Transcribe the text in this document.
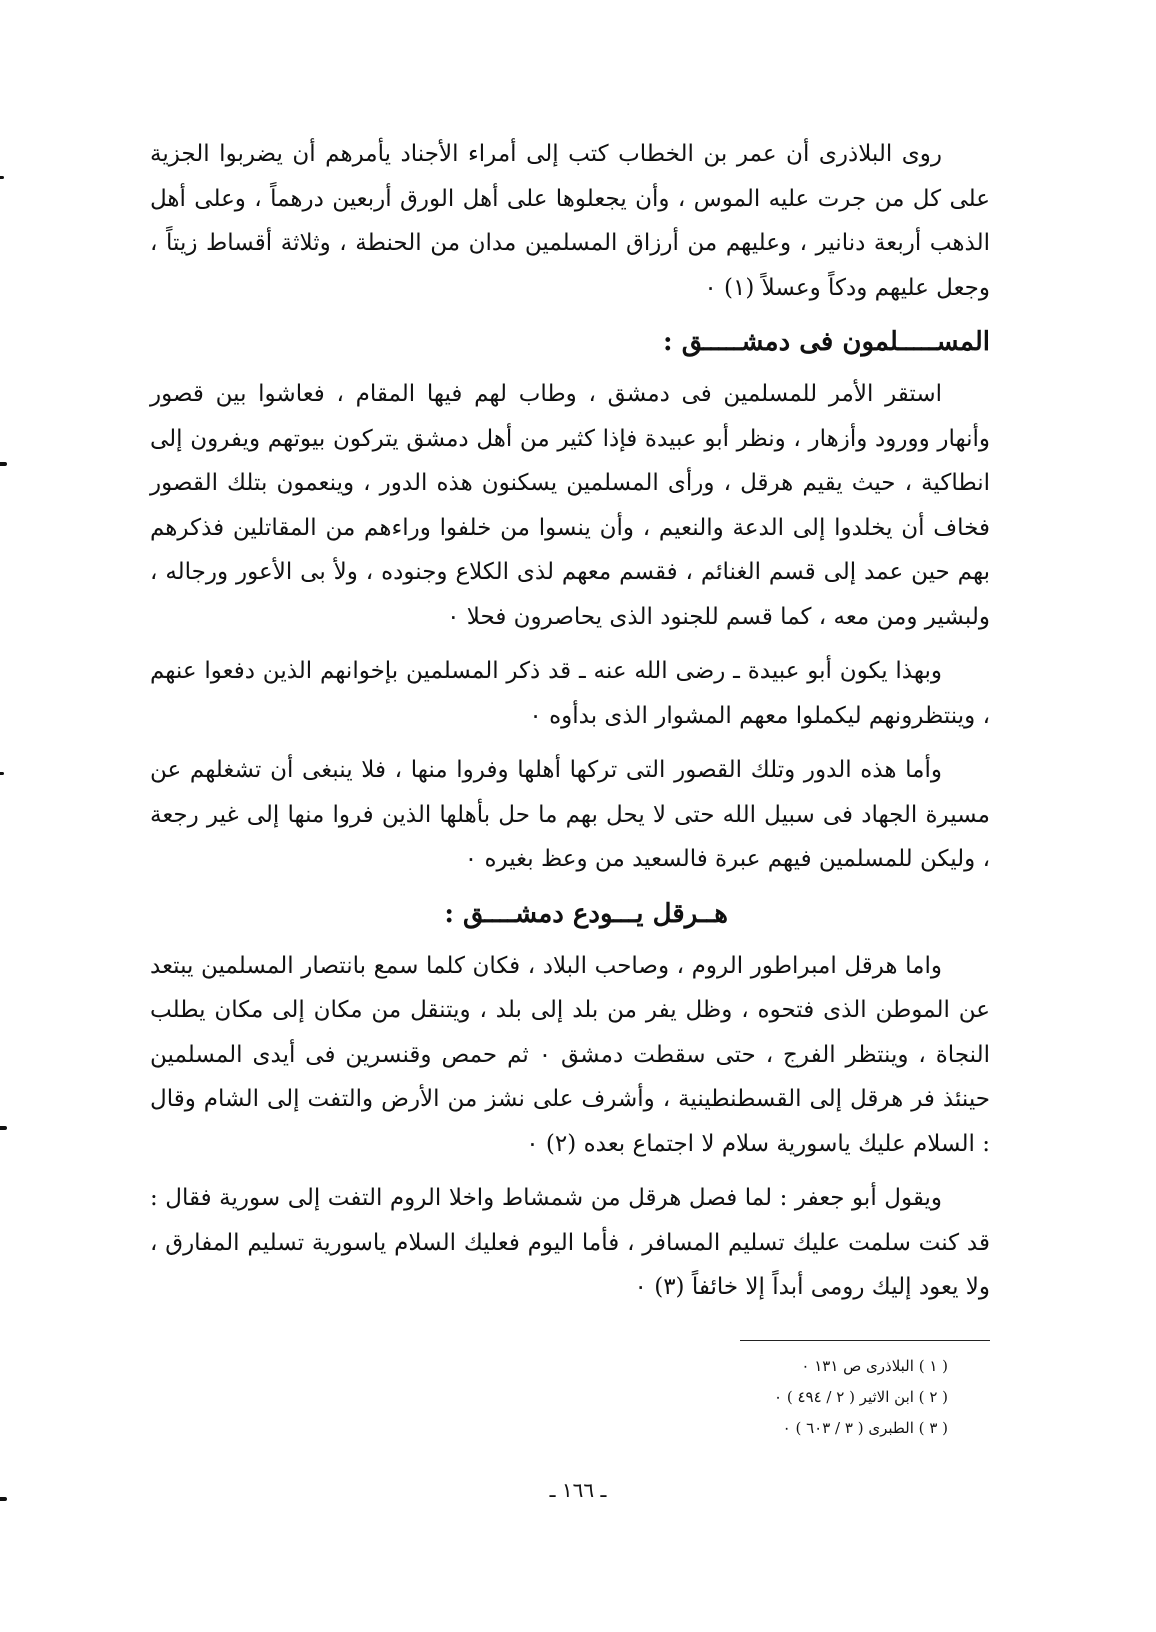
روى البلاذرى أن عمر بن الخطاب كتب إلى أمراء الأجناد يأمرهم أن يضربوا الجزية على كل من جرت عليه الموس ، وأن يجعلوها على أهل الورق أربعين درهماً ، وعلى أهل الذهب أربعة دنانير ، وعليهم من أرزاق المسلمين مدان من الحنطة ، وثلاثة أقساط زيتاً ، وجعل عليهم ودكاً وعسلاً (١) ٠

المســـــلمون فى دمشـــــق :

استقر الأمر للمسلمين فى دمشق ، وطاب لهم فيها المقام ، فعاشوا بين قصور وأنهار وورود وأزهار ، ونظر أبو عبيدة فإذا كثير من أهل دمشق يتركون بيوتهم ويفرون إلى انطاكية ، حيث يقيم هرقل ، ورأى المسلمين يسكنون هذه الدور ، وينعمون بتلك القصور فخاف أن يخلدوا إلى الدعة والنعيم ، وأن ينسوا من خلفوا وراءهم من المقاتلين فذكرهم بهم حين عمد إلى قسم الغنائم ، فقسم معهم لذى الكلاع وجنوده ، ولأ بى الأعور ورجاله ، ولبشير ومن معه ، كما قسم للجنود الذى يحاصرون فحلا ٠

وبهذا يكون أبو عبيدة ـ رضى الله عنه ـ قد ذكر المسلمين بإخوانهم الذين دفعوا عنهم ، وينتظرونهم ليكملوا معهم المشوار الذى بدأوه ٠

وأما هذه الدور وتلك القصور التى تركها أهلها وفروا منها ، فلا ينبغى أن تشغلهم عن مسيرة الجهاد فى سبيل الله حتى لا يحل بهم ما حل بأهلها الذين فروا منها إلى غير رجعة ، وليكن للمسلمين فيهم عبرة فالسعيد من وعظ بغيره ٠

هــرقل يـــودع دمشــــق :

واما هرقل امبراطور الروم ، وصاحب البلاد ، فكان كلما سمع بانتصار المسلمين يبتعد عن الموطن الذى فتحوه ، وظل يفر من بلد إلى بلد ، ويتنقل من مكان إلى مكان يطلب النجاة ، وينتظر الفرج ، حتى سقطت دمشق ٠ ثم حمص وقنسرين فى أيدى المسلمين حينئذ فر هرقل إلى القسطنطينية ، وأشرف على نشز من الأرض والتفت إلى الشام وقال : السلام عليك ياسورية سلام لا اجتماع بعده (٢) ٠

ويقول أبو جعفر : لما فصل هرقل من شمشاط واخلا الروم التفت إلى سورية فقال : قد كنت سلمت عليك تسليم المسافر ، فأما اليوم فعليك السلام ياسورية تسليم المفارق ، ولا يعود إليك رومى أبداً إلا خائفاً (٣) ٠

( ١ ) البلاذرى ص ١٣١ ٠

( ٢ ) ابن الاثير ( ٢ / ٤٩٤ ) ٠

( ٣ ) الطبرى ( ٣ / ٦٠٣ ) ٠

ـ ١٦٦ ـ
